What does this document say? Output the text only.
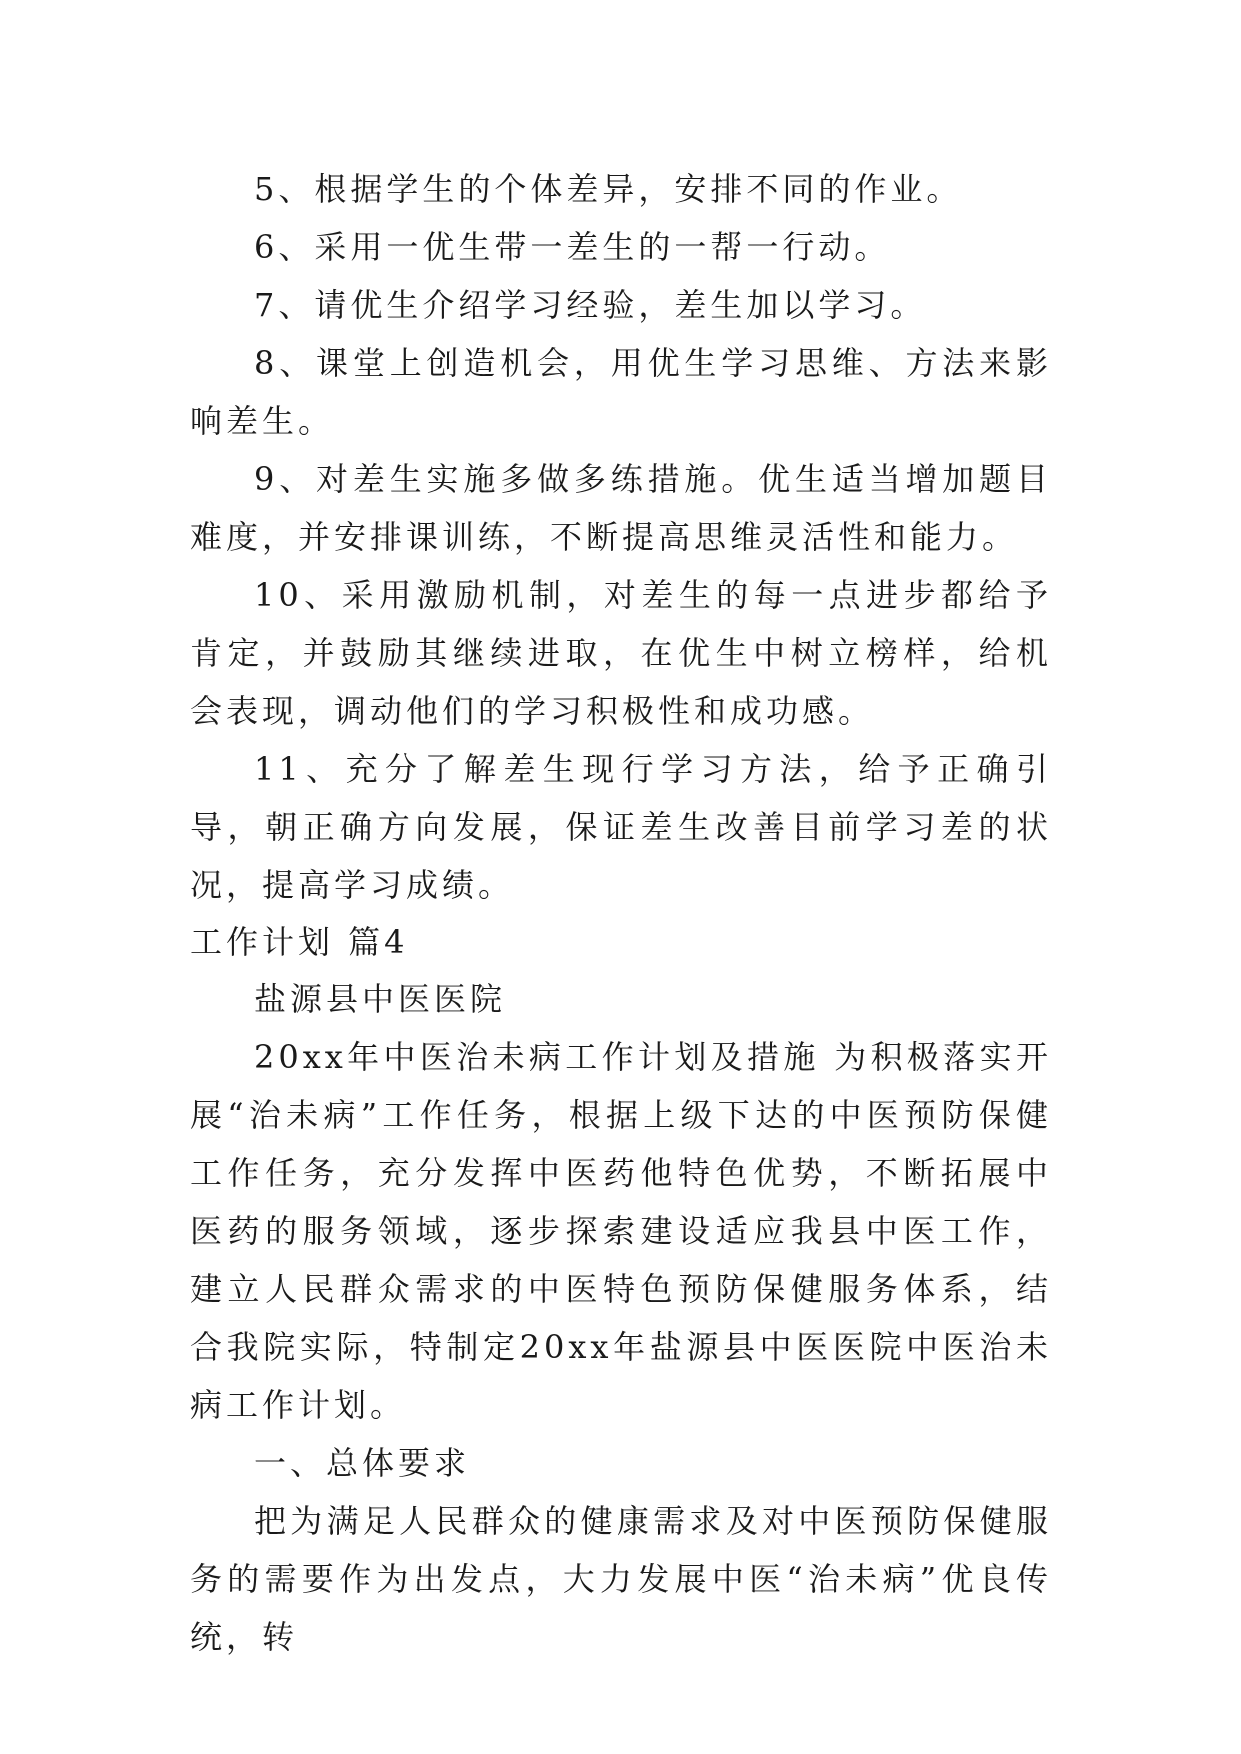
5、根据学生的个体差异，安排不同的作业。

6、采用一优生带一差生的一帮一行动。

7、请优生介绍学习经验，差生加以学习。

8、课堂上创造机会，用优生学习思维、方法来影响差生。

9、对差生实施多做多练措施。优生适当增加题目难度，并安排课训练，不断提高思维灵活性和能力。

10、采用激励机制，对差生的每一点进步都给予肯定，并鼓励其继续进取，在优生中树立榜样，给机会表现，调动他们的学习积极性和成功感。

11、充分了解差生现行学习方法，给予正确引导，朝正确方向发展，保证差生改善目前学习差的状况，提高学习成绩。

工作计划 篇4

盐源县中医医院

20xx年中医治未病工作计划及措施 为积极落实开展“治未病”工作任务，根据上级下达的中医预防保健工作任务，充分发挥中医药他特色优势，不断拓展中医药的服务领域，逐步探索建设适应我县中医工作，建立人民群众需求的中医特色预防保健服务体系，结合我院实际，特制定20xx年盐源县中医医院中医治未病工作计划。

一、总体要求

把为满足人民群众的健康需求及对中医预防保健服务的需要作为出发点，大力发展中医“治未病”优良传统，转
